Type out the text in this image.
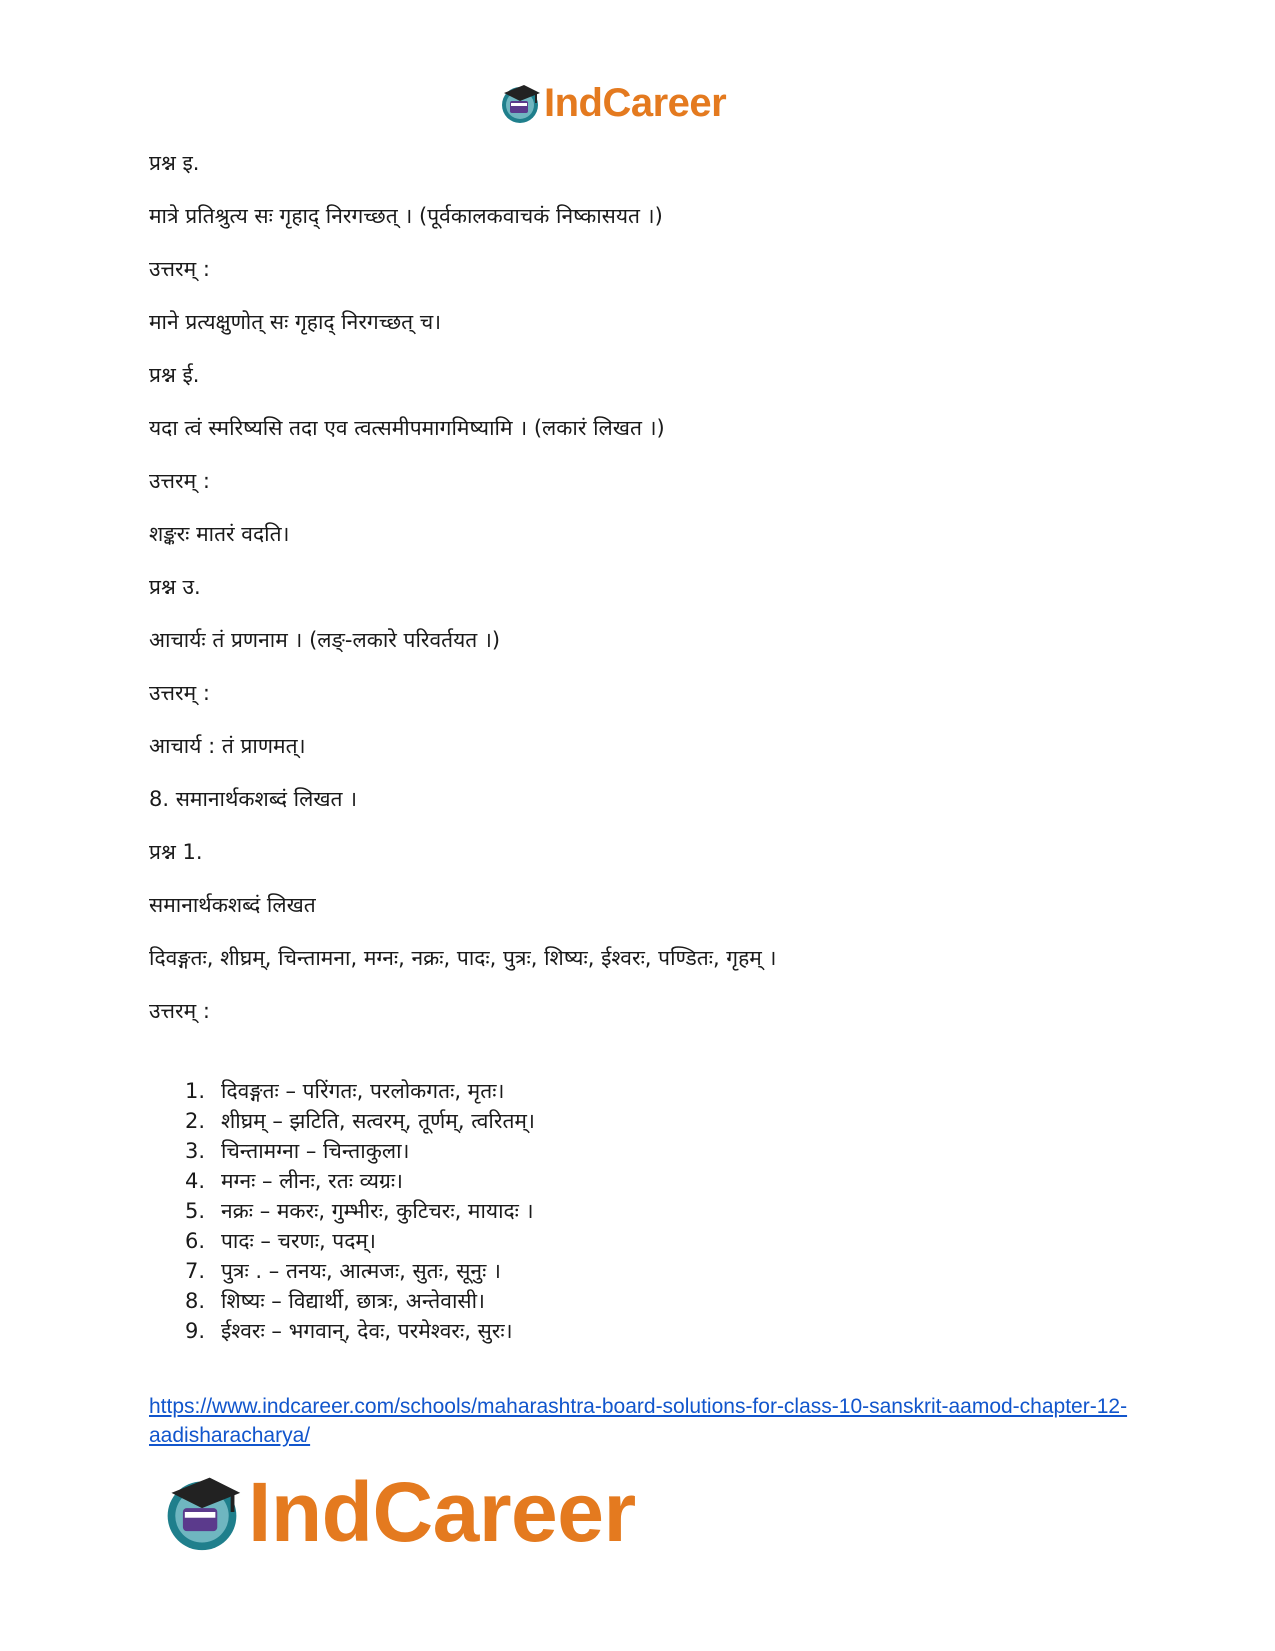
IndCareer
प्रश्न इ.
मात्रे प्रतिश्रुत्य सः गृहाद् निरगच्छत् । (पूर्वकालकवाचकं निष्कासयत ।)
उत्तरम् :
माने प्रत्यक्षुणोत् सः गृहाद् निरगच्छत् च।
प्रश्न ई.
यदा त्वं स्मरिष्यसि तदा एव त्वत्समीपमागमिष्यामि । (लकारं लिखत ।)
उत्तरम् :
शङ्करः मातरं वदति।
प्रश्न उ.
आचार्यः तं प्रणनाम । (लङ्-लकारे परिवर्तयत ।)
उत्तरम् :
आचार्य : तं प्राणमत्।
8. समानार्थकशब्दं लिखत ।
प्रश्न 1.
समानार्थकशब्दं लिखत
दिवङ्गतः, शीघ्रम्, चिन्तामना, मग्नः, नक्रः, पादः, पुत्रः, शिष्यः, ईश्वरः, पण्डितः, गृहम् ।
उत्तरम् :
1. दिवङ्गतः – परिंगतः, परलोकगतः, मृतः।
2. शीघ्रम् – झटिति, सत्वरम्, तूर्णम्, त्वरितम्।
3. चिन्तामग्ना – चिन्ताकुला।
4. मग्नः – लीनः, रतः व्यग्रः।
5. नक्रः – मकरः, गुम्भीरः, कुटिचरः, मायादः ।
6. पादः – चरणः, पदम्।
7. पुत्रः . – तनयः, आत्मजः, सुतः, सूनुः ।
8. शिष्यः – विद्यार्थी, छात्रः, अन्तेवासी।
9. ईश्वरः – भगवान्, देवः, परमेश्वरः, सुरः।
https://www.indcareer.com/schools/maharashtra-board-solutions-for-class-10-sanskrit-aamod-chapter-12-aadisharacharya/
IndCareer
